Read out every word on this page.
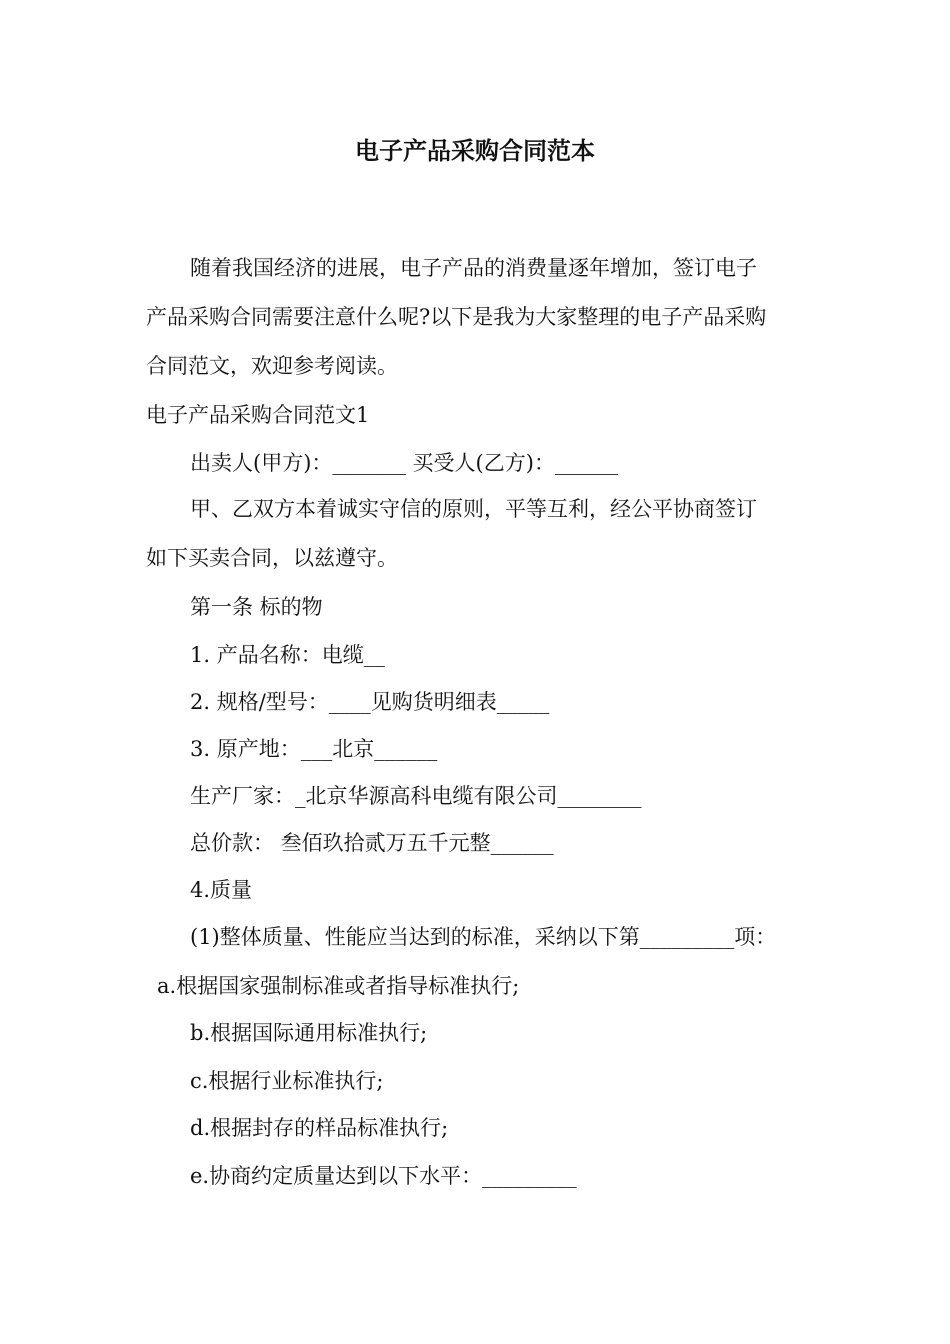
电子产品采购合同范本
随着我国经济的进展，电子产品的消费量逐年增加，签订电子
产品采购合同需要注意什么呢?以下是我为大家整理的电子产品采购
合同范文，欢迎参考阅读。
电子产品采购合同范文1
出卖人(甲方)：_______ 买受人(乙方)：______
甲、乙双方本着诚实守信的原则，平等互利，经公平协商签订
如下买卖合同，以兹遵守。
第一条 标的物
1. 产品名称：电缆__
2. 规格/型号：____见购货明细表_____
3. 原产地：___北京______
生产厂家：_北京华源高科电缆有限公司________
总价款： 叁佰玖拾贰万五千元整______
4.质量
(1)整体质量、性能应当达到的标准，采纳以下第_________项：
a.根据国家强制标准或者指导标准执行;
b.根据国际通用标准执行;
c.根据行业标准执行;
d.根据封存的样品标准执行;
e.协商约定质量达到以下水平：_________
